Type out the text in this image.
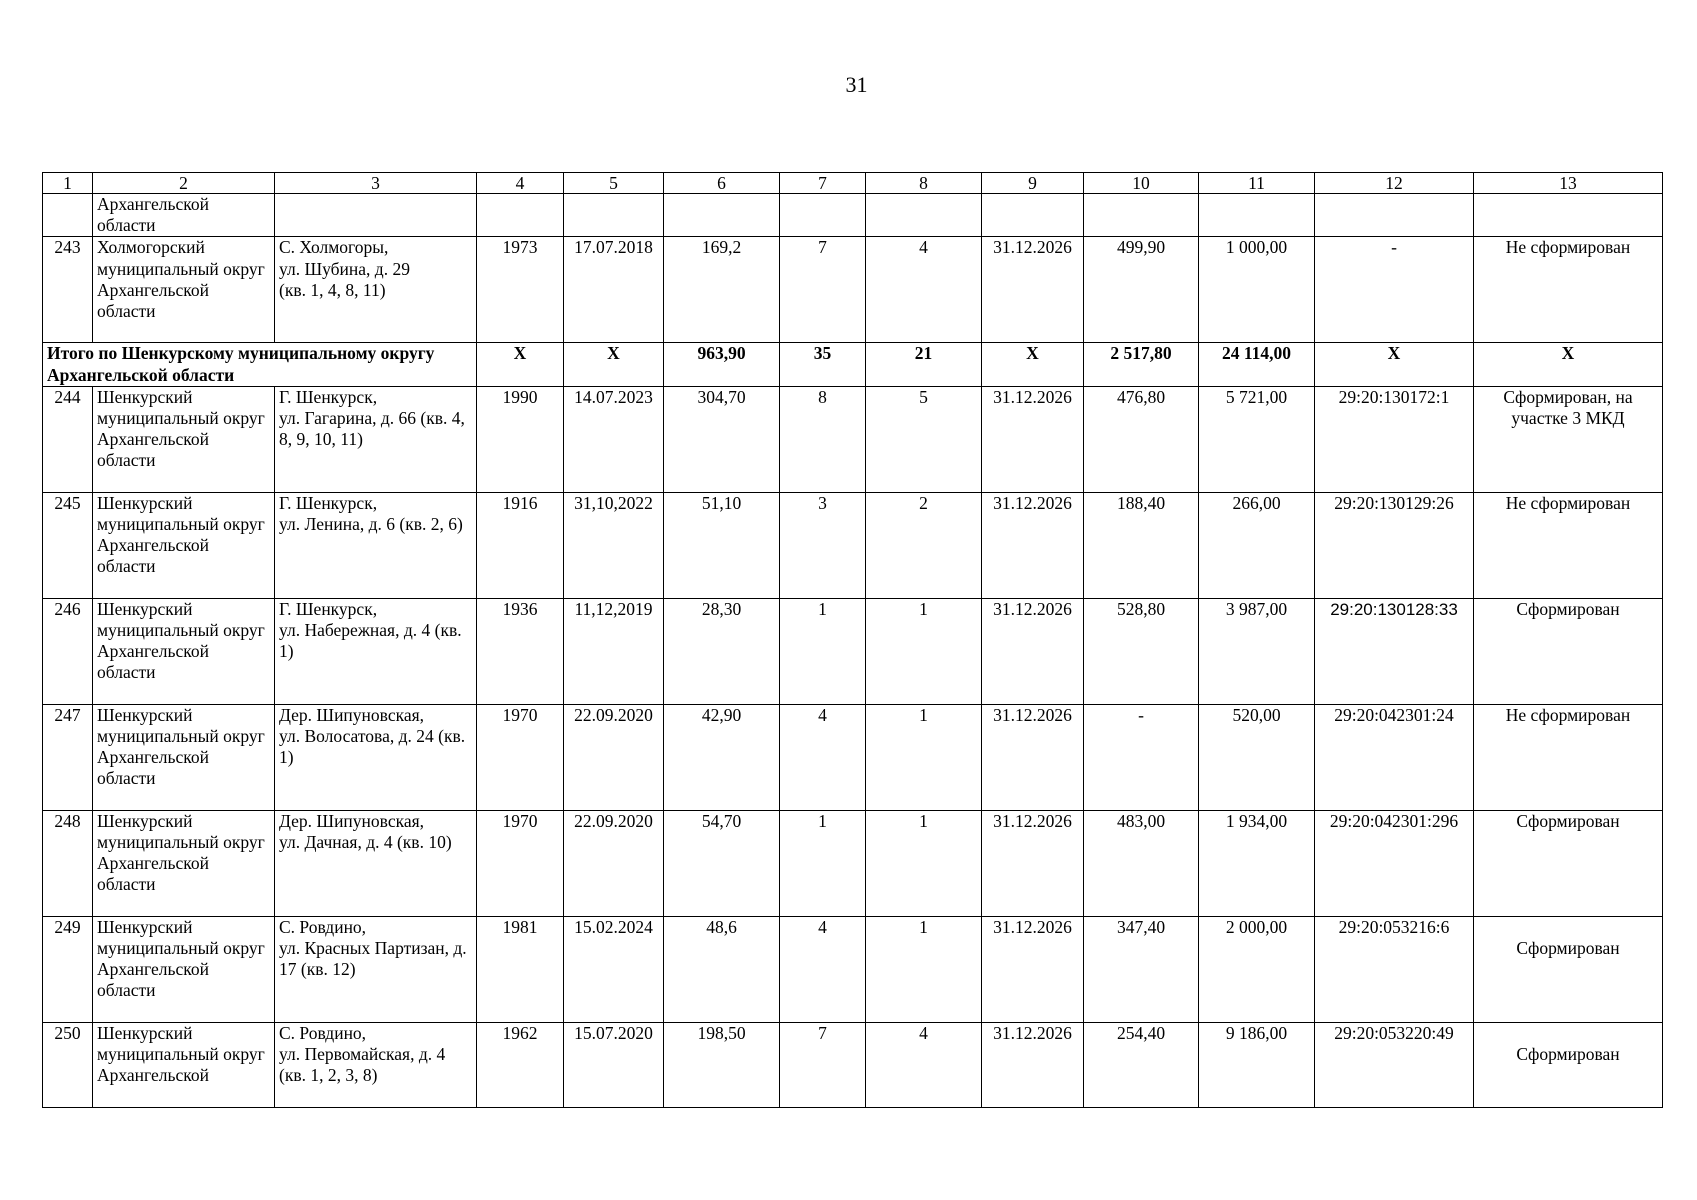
31
1	2	3	4	5	6	7	8	9	10	11	12	13
	Архангельской области											
243	Холмогорский муниципальный округ Архангельской области	С. Холмогоры,
ул. Шубина, д. 29
(кв. 1, 4, 8, 11)	1973	17.07.2018	169,2	7	4	31.12.2026	499,90	1 000,00	-	Не сформирован
Итого по Шенкурскому муниципальному округу Архангельской области			Х	Х	963,90	35	21	Х	2 517,80	24 114,00	Х	Х
244	Шенкурский муниципальный округ Архангельской области	Г. Шенкурск,
ул. Гагарина, д. 66 (кв. 4, 8, 9, 10, 11)	1990	14.07.2023	304,70	8	5	31.12.2026	476,80	5 721,00	29:20:130172:1	Сформирован, на участке 3 МКД
245	Шенкурский муниципальный округ Архангельской области	Г. Шенкурск,
ул. Ленина, д. 6 (кв. 2, 6)	1916	31,10,2022	51,10	3	2	31.12.2026	188,40	266,00	29:20:130129:26	Не сформирован
246	Шенкурский муниципальный округ Архангельской области	Г. Шенкурск,
ул. Набережная, д. 4 (кв. 1)	1936	11,12,2019	28,30	1	1	31.12.2026	528,80	3 987,00	29:20:130128:33	Сформирован
247	Шенкурский муниципальный округ Архангельской области	Дер. Шипуновская,
ул. Волосатова, д. 24 (кв. 1)	1970	22.09.2020	42,90	4	1	31.12.2026	-	520,00	29:20:042301:24	Не сформирован
248	Шенкурский муниципальный округ Архангельской области	Дер. Шипуновская,
ул. Дачная, д. 4 (кв. 10)	1970	22.09.2020	54,70	1	1	31.12.2026	483,00	1 934,00	29:20:042301:296	Сформирован
249	Шенкурский муниципальный округ Архангельской области	С. Ровдино,
ул. Красных Партизан, д. 17 (кв. 12)	1981	15.02.2024	48,6	4	1	31.12.2026	347,40	2 000,00	29:20:053216:6	Сформирован
250	Шенкурский муниципальный округ Архангельской	С. Ровдино,
ул. Первомайская, д. 4 (кв. 1, 2, 3, 8)	1962	15.07.2020	198,50	7	4	31.12.2026	254,40	9 186,00	29:20:053220:49	Сформирован
